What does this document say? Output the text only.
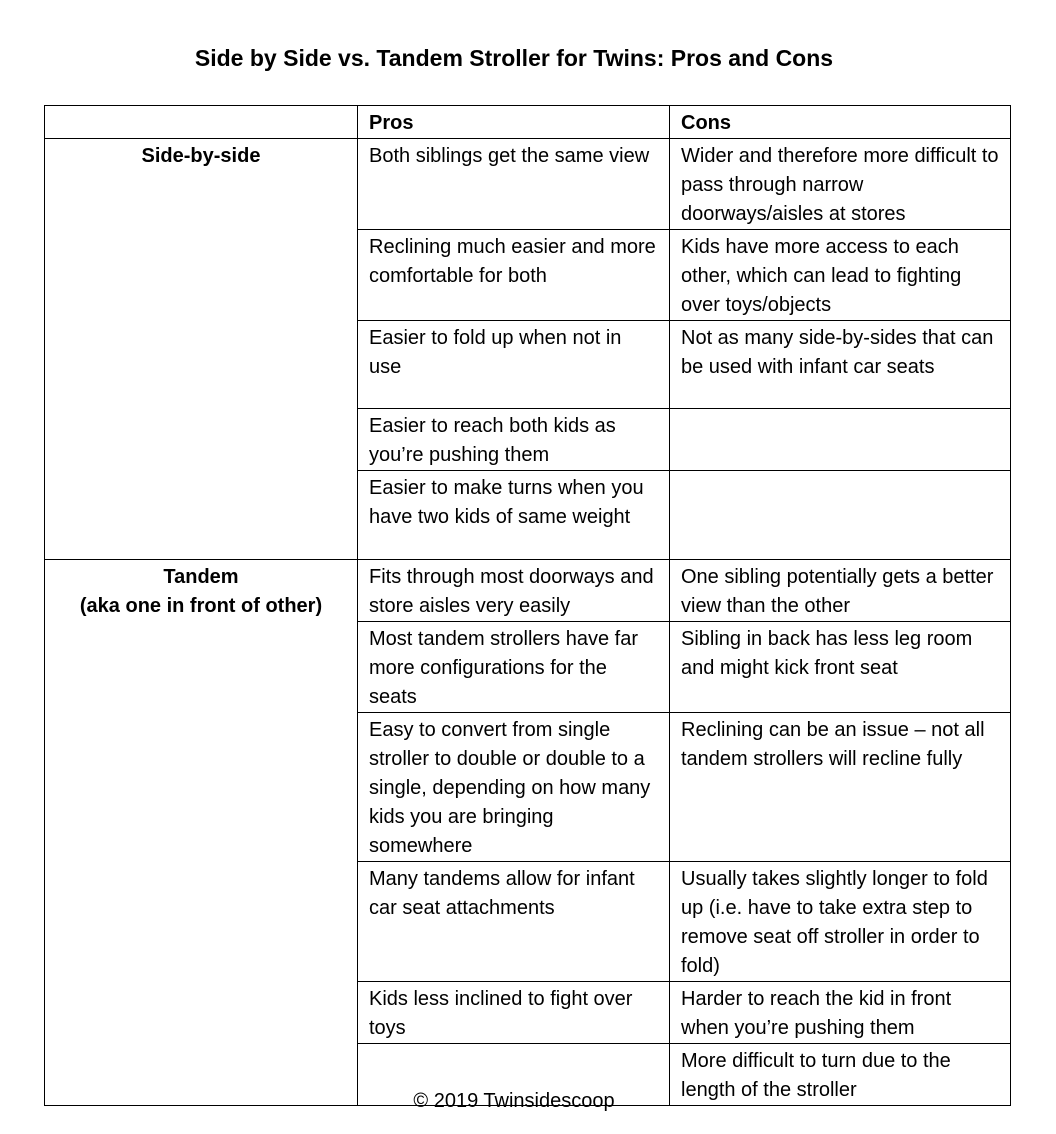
Side by Side vs. Tandem Stroller for Twins: Pros and Cons
	Pros	Cons

Side-by-side	Both siblings get the same view	Wider and therefore more difficult to pass through narrow doorways/aisles at stores
	Reclining much easier and more comfortable for both	Kids have more access to each other, which can lead to fighting over toys/objects
	Easier to fold up when not in use	Not as many side-by-sides that can be used with infant car seats
	Easier to reach both kids as you’re pushing them	
	Easier to make turns when you have two kids of same weight	

Tandem
(aka one in front of other)	Fits through most doorways and store aisles very easily	One sibling potentially gets a better view than the other
	Most tandem strollers have far more configurations for the seats	Sibling in back has less leg room and might kick front seat
	Easy to convert from single stroller to double or double to a single, depending on how many kids you are bringing somewhere	Reclining can be an issue – not all tandem strollers will recline fully
	Many tandems allow for infant car seat attachments	Usually takes slightly longer to fold up (i.e. have to take extra step to remove seat off stroller in order to fold)
	Kids less inclined to fight over toys	Harder to reach the kid in front when you’re pushing them
		More difficult to turn due to the length of the stroller
© 2019 Twinsidescoop
